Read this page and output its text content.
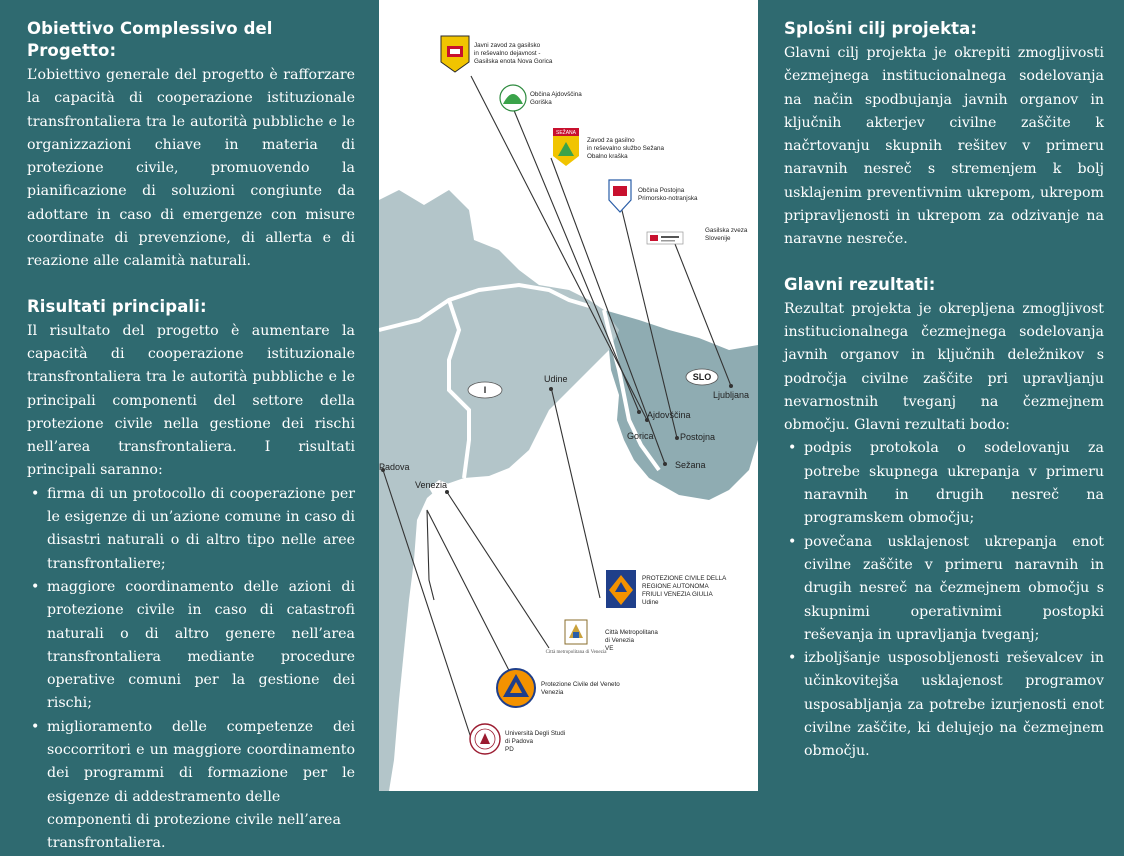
Obiettivo Complessivo del Progetto:

L’obiettivo generale del progetto è rafforzare la capacità di cooperazione istituzionale transfrontaliera tra le autorità pubbliche e le organizzazioni chiave in materia di protezione civile, promuovendo la pianificazione di soluzioni congiunte da adottare in caso di emergenze con misure coordinate di prevenzione, di allerta e di reazione alle calamità naturali.

Risultati principali:

Il risultato del progetto è aumentare la capacità di cooperazione istituzionale transfrontaliera tra le autorità pubbliche e le principali componenti del settore della protezione civile nella gestione dei rischi nell’area transfrontaliera. I risultati principali saranno:

• firma di un protocollo di cooperazione per le esigenze di un’azione comune in caso di disastri naturali o di altro tipo nelle aree transfrontaliere;
• maggiore coordinamento delle azioni di protezione civile in caso di catastrofi naturali o di altro genere nell’area transfrontaliera mediante procedure operative comuni per la gestione dei rischi;
• miglioramento delle competenze dei soccorritori e un maggiore coordinamento dei programmi di formazione per le esigenze di addestramento delle
componenti di protezione civile nell’area transfrontaliera.
I
SLO
Udine
Ajdovščina
Gorica	Postojna
Sežana
Ljubljana
Padova
Venezia
Javni zavod za gasilsko in reševalno dejavnost - Gasilska enota Nova Gorica
Občina Ajdovščina Goriška
SEŽANA
Zavod za gasilno in reševalno službo Sežana Obalno kraška
Občina Postojna Primorsko-notranjska
Gasilska zveza Slovenije
PROTEZIONE CIVILE DELLA REGIONE AUTONOMA FRIULI VENEZIA GIULIA Udine
Città metropolitana di Venezia
Città Metropolitana di Venezia VE
Protezione Civile del Veneto Venezia
Università Degli Studi di Padova PD
Splošni cilj projekta:

Glavni cilj projekta je okrepiti zmogljivosti čezmejnega institucionalnega sodelovanja na način spodbujanja javnih organov in ključnih akterjev civilne zaščite k načrtovanju skupnih rešitev v primeru naravnih nesreč s stremenjem k bolj usklajenim preventivnim ukrepom, ukrepom pripravljenosti in ukrepom za odzivanje na naravne nesreče.

Glavni rezultati:

Rezultat projekta je okrepljena zmogljivost institucionalnega čezmejnega sodelovanja javnih organov in ključnih deležnikov s področja civilne zaščite pri upravljanju nevarnostnih tveganj na čezmejnem območju. Glavni rezultati bodo:

• podpis protokola o sodelovanju za potrebe skupnega ukrepanja v primeru naravnih in drugih nesreč na programskem območju;
• povečana usklajenost ukrepanja enot civilne zaščite v primeru naravnih in drugih nesreč na čezmejnem območju s skupnimi operativnimi postopki reševanja in upravljanja tveganj;
• izboljšanje usposobljenosti reševalcev in učinkovitejša usklajenost programov usposabljanja za potrebe izurjenosti enot civilne zaščite, ki delujejo na čezmejnem območju.
